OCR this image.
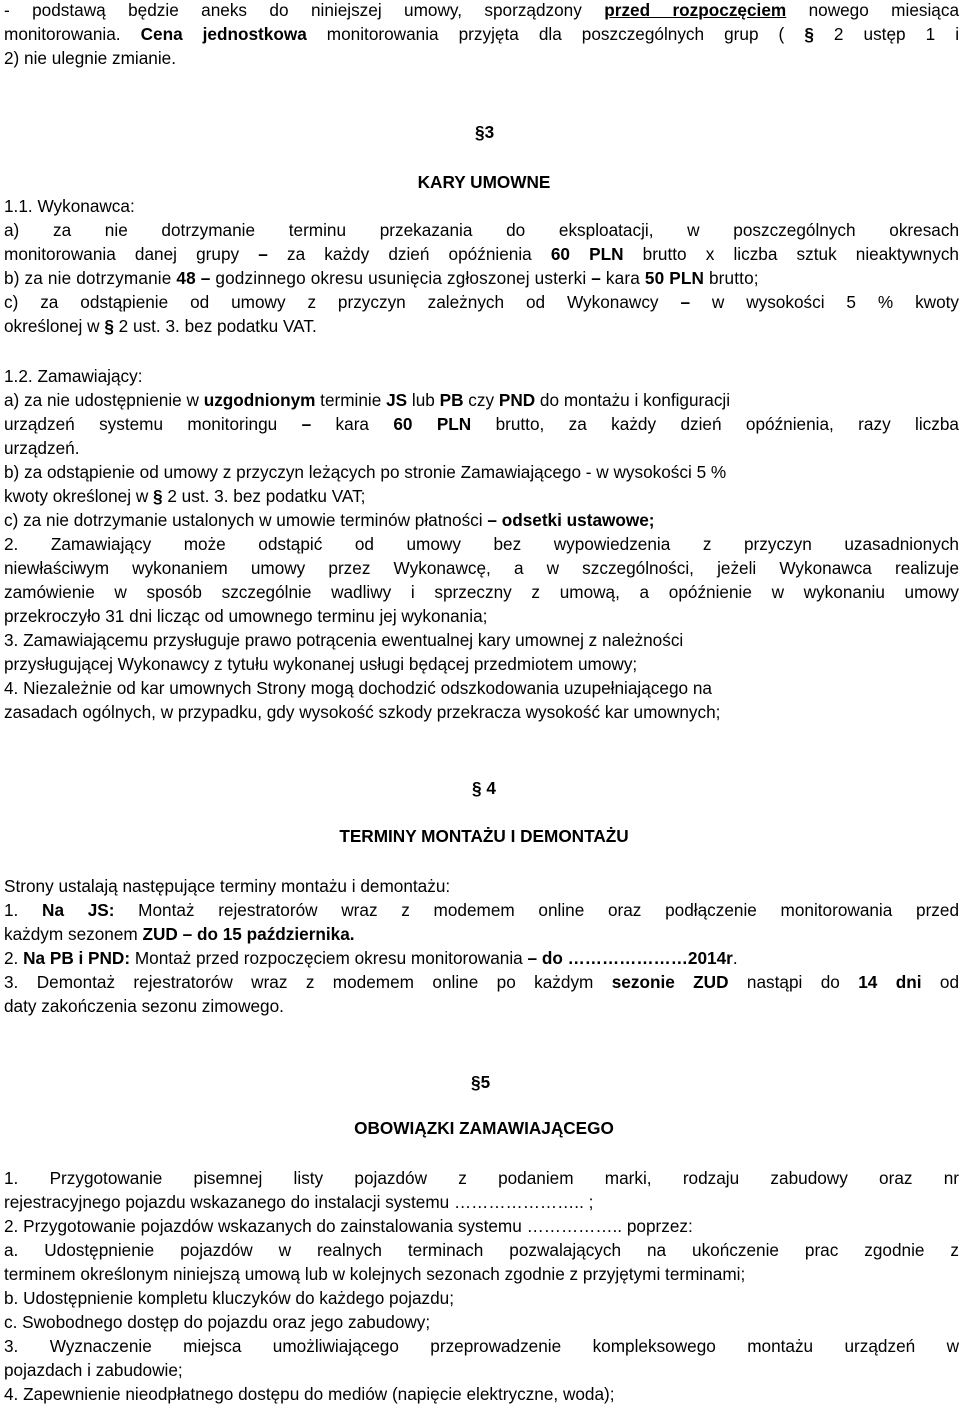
- podstawą będzie aneks do niniejszej umowy, sporządzony przed rozpoczęciem nowego miesiąca
monitorowania. Cena jednostkowa monitorowania przyjęta dla poszczególnych grup ( § 2 ustęp 1 i
2) nie ulegnie zmianie.
§3
KARY UMOWNE
1.1. Wykonawca:
a) za nie dotrzymanie terminu przekazania do eksploatacji, w poszczególnych okresach
monitorowania danej grupy – za każdy dzień opóźnienia 60 PLN brutto x liczba sztuk nieaktywnych
b) za nie dotrzymanie 48 – godzinnego okresu usunięcia zgłoszonej usterki – kara 50 PLN brutto;
c) za odstąpienie od umowy z przyczyn zależnych od Wykonawcy – w wysokości 5 % kwoty
określonej w § 2 ust. 3. bez podatku VAT.
1.2. Zamawiający:
a) za nie udostępnienie w uzgodnionym terminie JS lub PB czy PND do montażu i konfiguracji
urządzeń systemu monitoringu – kara 60 PLN brutto, za każdy dzień opóźnienia, razy liczba
urządzeń.
b) za odstąpienie od umowy z przyczyn leżących po stronie Zamawiającego - w wysokości 5 %
kwoty określonej w § 2 ust. 3. bez podatku VAT;
c) za nie dotrzymanie ustalonych w umowie terminów płatności – odsetki ustawowe;
2. Zamawiający może odstąpić od umowy bez wypowiedzenia z przyczyn uzasadnionych
niewłaściwym wykonaniem umowy przez Wykonawcę, a w szczególności, jeżeli Wykonawca realizuje
zamówienie w sposób szczególnie wadliwy i sprzeczny z umową, a opóźnienie w wykonaniu umowy
przekroczyło 31 dni licząc od umownego terminu jej wykonania;
3. Zamawiającemu przysługuje prawo potrącenia ewentualnej kary umownej z należności
przysługującej Wykonawcy z tytułu wykonanej usługi będącej przedmiotem umowy;
4. Niezależnie od kar umownych Strony mogą dochodzić odszkodowania uzupełniającego na
zasadach ogólnych, w przypadku, gdy wysokość szkody przekracza wysokość kar umownych;
§ 4
TERMINY MONTAŻU I DEMONTAŻU
Strony ustalają następujące terminy montażu i demontażu:
1. Na JS: Montaż rejestratorów wraz z modemem online oraz podłączenie monitorowania przed
każdym sezonem ZUD – do 15 października.
2. Na PB i PND: Montaż przed rozpoczęciem okresu monitorowania – do …………………2014r.
3. Demontaż rejestratorów wraz z modemem online po każdym sezonie ZUD nastąpi do 14 dni od
daty zakończenia sezonu zimowego.
§5
OBOWIĄZKI ZAMAWIAJĄCEGO
1. Przygotowanie pisemnej listy pojazdów z podaniem marki, rodzaju zabudowy oraz nr
rejestracyjnego pojazdu wskazanego do instalacji systemu ………………….. ;
2. Przygotowanie pojazdów wskazanych do zainstalowania systemu …………….. poprzez:
a. Udostępnienie pojazdów w realnych terminach pozwalających na ukończenie prac zgodnie z
terminem określonym niniejszą umową lub w kolejnych sezonach zgodnie z przyjętymi terminami;
b. Udostępnienie kompletu kluczyków do każdego pojazdu;
c. Swobodnego dostęp do pojazdu oraz jego zabudowy;
3. Wyznaczenie miejsca umożliwiającego przeprowadzenie kompleksowego montażu urządzeń w
pojazdach i zabudowie;
4. Zapewnienie nieodpłatnego dostępu do mediów (napięcie elektryczne, woda);
